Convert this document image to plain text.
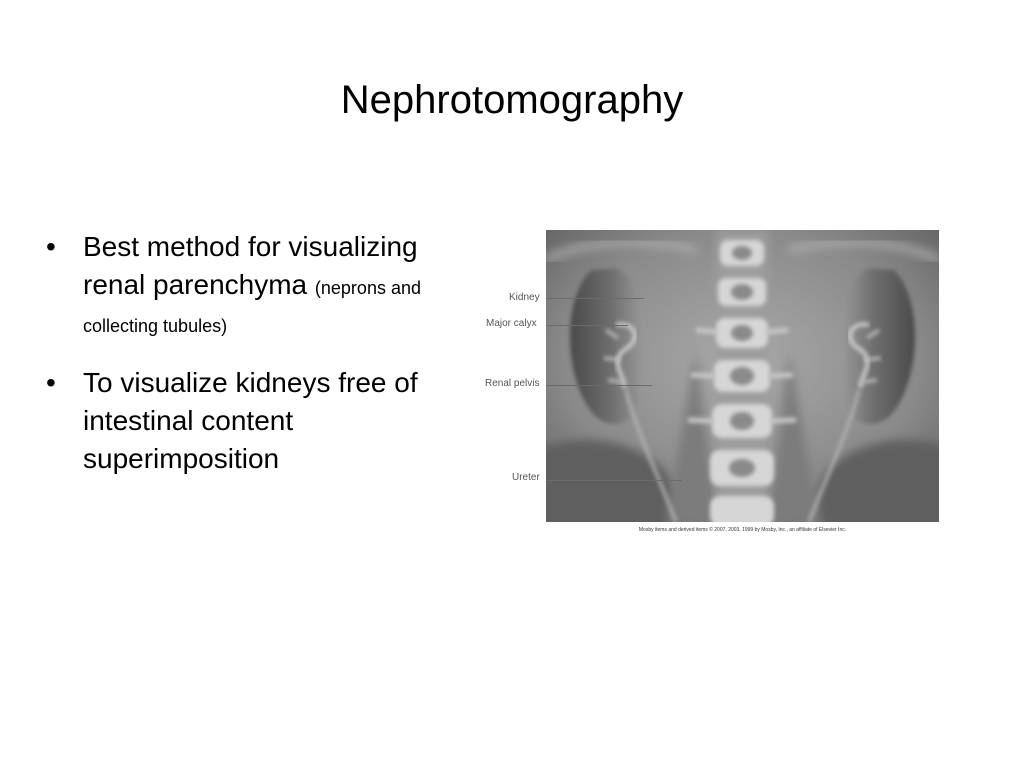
Nephrotomography
• Best method for visualizing renal parenchyma (neprons and collecting tubules)
• To visualize kidneys free of intestinal content superimposition
Kidney
Major calyx
Renal pelvis
Ureter
Mosby items and derived items © 2007, 2003, 1999 by Mosby, Inc., an affiliate of Elsevier Inc.
